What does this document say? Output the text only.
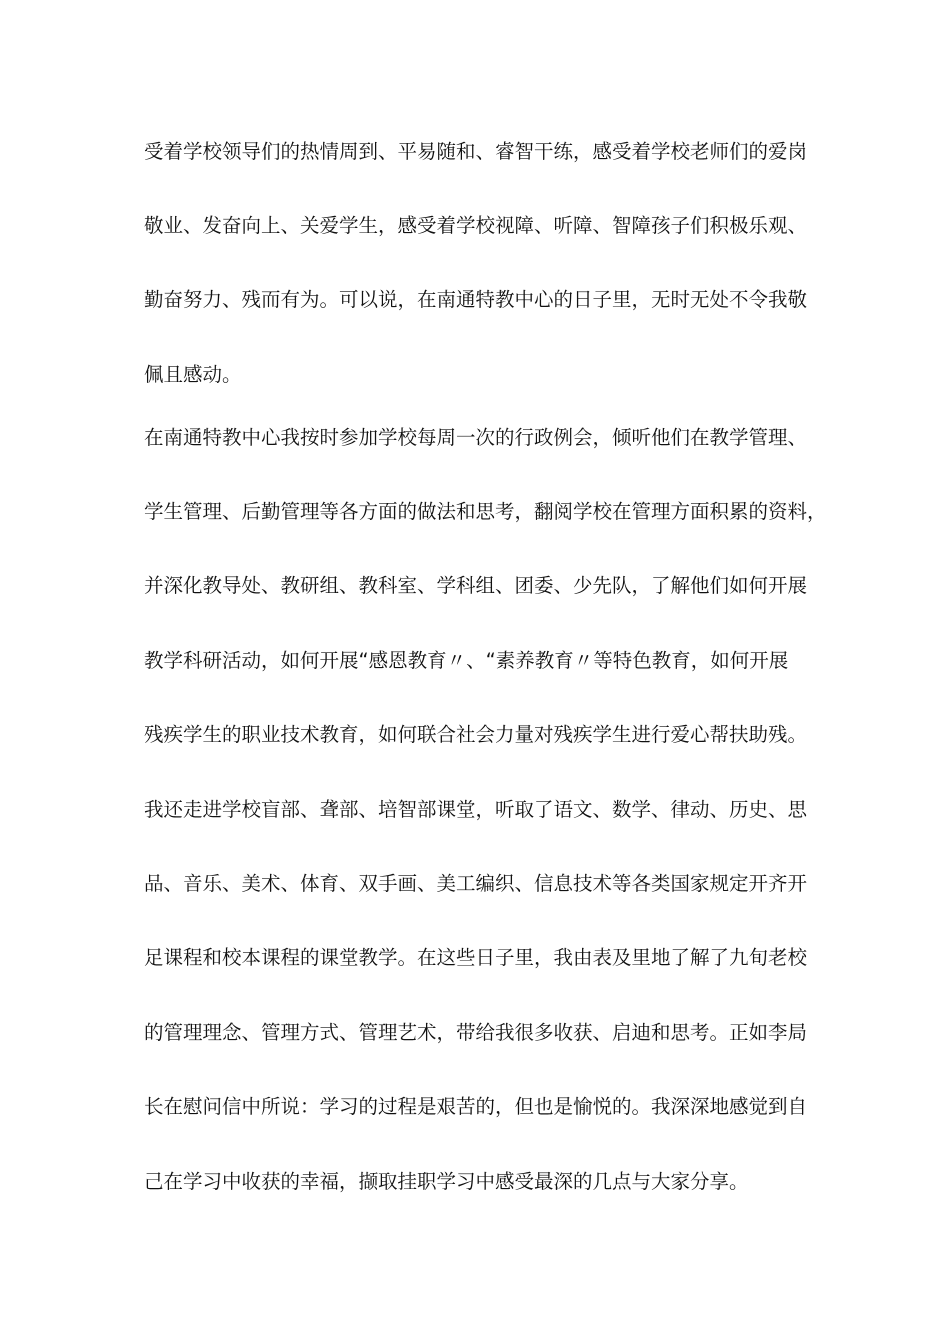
受着学校领导们的热情周到、平易随和、睿智干练，感受着学校老师们的爱岗
敬业、发奋向上、关爱学生，感受着学校视障、听障、智障孩子们积极乐观、
勤奋努力、残而有为。可以说，在南通特教中心的日子里，无时无处不令我敬
佩且感动。
在南通特教中心我按时参加学校每周一次的行政例会，倾听他们在教学管理、
学生管理、后勤管理等各方面的做法和思考，翻阅学校在管理方面积累的资料，
并深化教导处、教研组、教科室、学科组、团委、少先队，了解他们如何开展
教学科研活动，如何开展“感恩教育〃、“素养教育〃等特色教育，如何开展
残疾学生的职业技术教育，如何联合社会力量对残疾学生进行爱心帮扶助残。
我还走进学校盲部、聋部、培智部课堂，听取了语文、数学、律动、历史、思
品、音乐、美术、体育、双手画、美工编织、信息技术等各类国家规定开齐开
足课程和校本课程的课堂教学。在这些日子里，我由表及里地了解了九旬老校
的管理理念、管理方式、管理艺术，带给我很多收获、启迪和思考。正如李局
长在慰问信中所说：学习的过程是艰苦的，但也是愉悦的。我深深地感觉到自
己在学习中收获的幸福，撷取挂职学习中感受最深的几点与大家分享。
